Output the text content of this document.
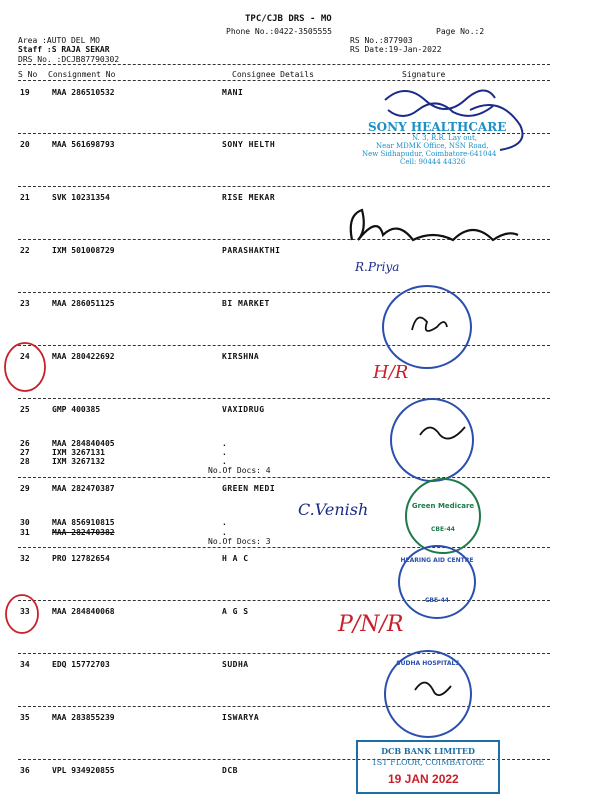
TPC/CJB DRS - MO
Phone No.:0422-3505555	Page No.:2
Area :AUTO DEL MO
Staff :S RAJA SEKAR
DRS No. :DCJB87790302
RS No.:877903
RS Date:19-Jan-2022
S No Consignment No	Consignee Details	Signature
19	MAA 286510532	MANI
20	MAA 561698793	SONY HELTH
21	SVK 10231354	RISE MEKAR
22	IXM 501008729	PARASHAKTHI
23	MAA 286051125	BI MARKET
24	MAA 280422692	KIRSHNA
25	GMP 400385	VAXIDRUG
26	MAA 284840405	.
27	IXM 3267131	.
28	IXM 3267132	.
No.Of Docs: 4
29	MAA 282470387	GREEN MEDI
30	MAA 856910815	.
31	MAA 282470382	.
No.Of Docs: 3
32	PRO 12782654	H A C
33	MAA 284840068	A G S
34	EDQ 15772703	SUDHA
35	MAA 283855239	ISWARYA
36	VPL 934920855	DCB
R.Priya
H/R
C.Venish
P/N/R
SONY HEALTHCARE
N. 3, R.R. Lay out,
Near MDMK Office, NSN Road,
New Sidhapudur, Coimbatore-641044
Cell: 90444 44326
Green Medicare
CBE-44
HEARING AID CENTRE
CBE-44
SUDHA HOSPITALS
DCB BANK LIMITED
1ST FLOOR, COIMBATORE
19 JAN 2022
